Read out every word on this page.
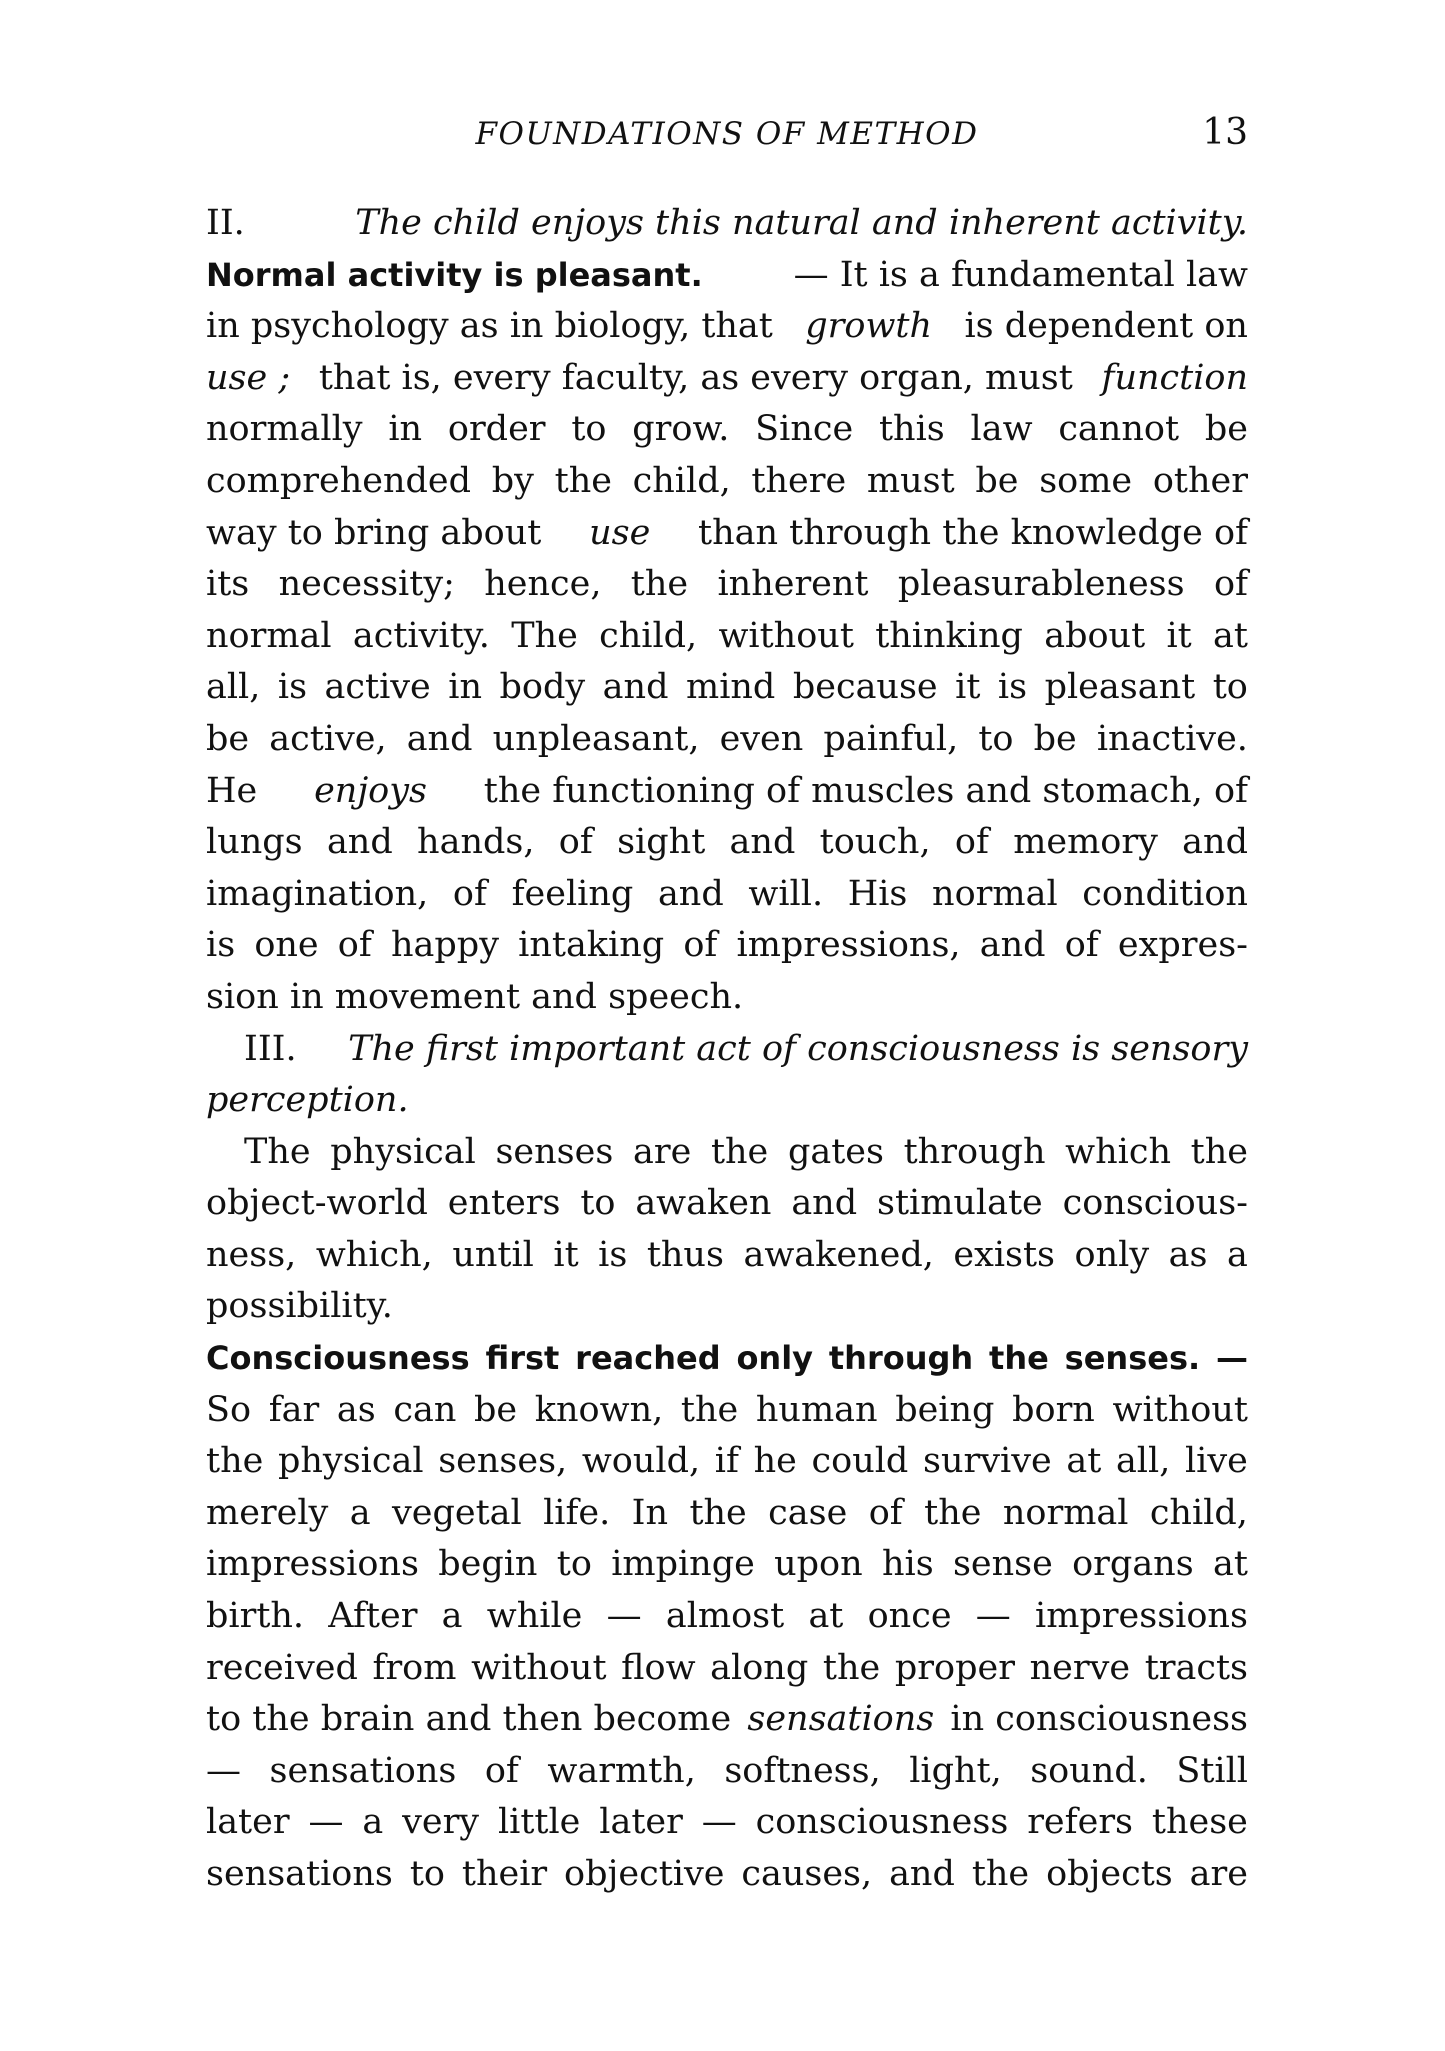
FOUNDATIONS OF METHOD	13
II.	The child enjoys this natural and inherent activity.
Normal activity is pleasant.	— It is a fundamental law
in psychology as in biology, that growth is dependent on
use ; that is, every faculty, as every organ, must function
normally in order to grow. Since this law cannot be
comprehended by the child, there must be some other
way to bring about use than through the knowledge of
its necessity; hence, the inherent pleasurableness of
normal activity. The child, without thinking about it at
all, is active in body and mind because it is pleasant to
be active, and unpleasant, even painful, to be inactive.
He enjoys the functioning of muscles and stomach, of
lungs and hands, of sight and touch, of memory and
imagination, of feeling and will. His normal condition
is one of happy intaking of impressions, and of expres-
sion in movement and speech.
III. The first important act of consciousness is sensory
perception.
The physical senses are the gates through which the
object-world enters to awaken and stimulate conscious-
ness, which, until it is thus awakened, exists only as a
possibility.
Consciousness first reached only through the senses. —
So far as can be known, the human being born without
the physical senses, would, if he could survive at all, live
merely a vegetal life. In the case of the normal child,
impressions begin to impinge upon his sense organs at
birth. After a while — almost at once — impressions
received from without flow along the proper nerve tracts
to the brain and then become sensations in consciousness
— sensations of warmth, softness, light, sound. Still
later — a very little later — consciousness refers these
sensations to their objective causes, and the objects are
